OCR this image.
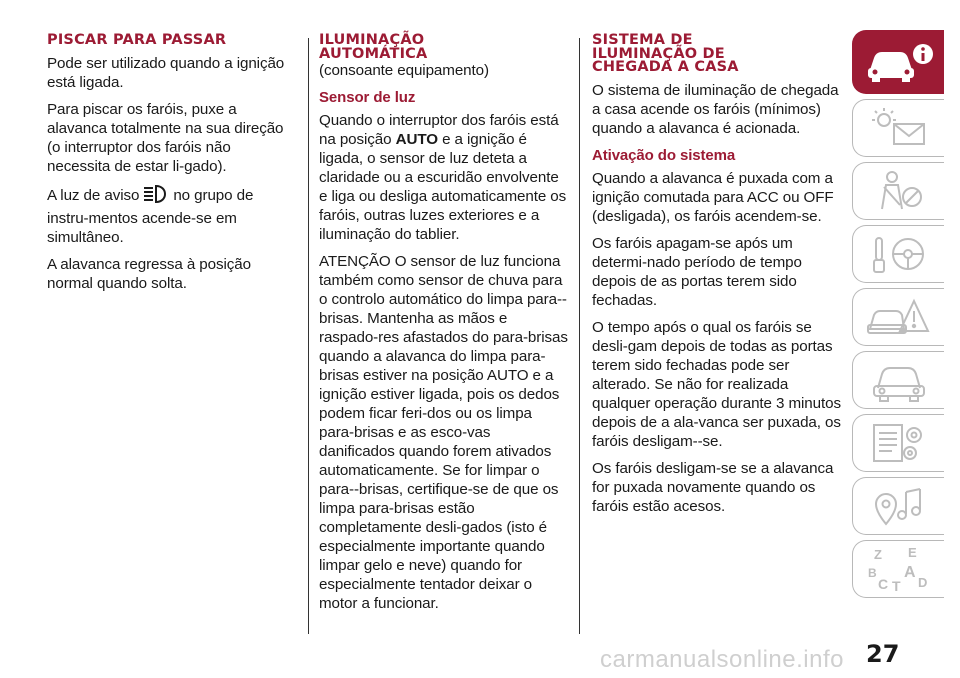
PISCAR PARA PASSAR

Pode ser utilizado quando a ignição está ligada.

Para piscar os faróis, puxe a alavanca totalmente na sua direção (o interruptor dos faróis não necessita de estar li-gado).

A luz de aviso no grupo de instru-mentos acende-se em simultâneo.

A alavanca regressa à posição normal quando solta.

ILUMINAÇÃO
AUTOMÁTICA
(consoante equipamento)
Sensor de luz

Quando o interruptor dos faróis está na posição AUTO e a ignição é ligada, o sensor de luz deteta a claridade ou a escuridão envolvente e liga ou desliga automaticamente os faróis, outras luzes exteriores e a iluminação do tablier.

ATENÇÃO O sensor de luz funciona também como sensor de chuva para o controlo automático do limpa para--brisas. Mantenha as mãos e raspado-res afastados do para-brisas quando a alavanca do limpa para-brisas estiver na posição AUTO e a ignição estiver ligada, pois os dedos podem ficar feri-dos ou os limpa para-brisas e as esco-vas danificados quando forem ativados automaticamente. Se for limpar o para--brisas, certifique-se de que os limpa para-brisas estão completamente desli-gados (isto é especialmente importante quando limpar gelo e neve) quando for especialmente tentador deixar o motor a funcionar.

SISTEMA DE
ILUMINAÇÃO DE
CHEGADA A CASA

O sistema de iluminação de chegada a casa acende os faróis (mínimos) quando a alavanca é acionada.

Ativação do sistema

Quando a alavanca é puxada com a ignição comutada para ACC ou OFF (desligada), os faróis acendem-se.

Os faróis apagam-se após um determi-nado período de tempo depois de as portas terem sido fechadas.

O tempo após o qual os faróis se desli-gam depois de todas as portas terem sido fechadas pode ser alterado. Se não for realizada qualquer operação durante 3 minutos depois de a ala-vanca ser puxada, os faróis desligam--se.

Os faróis desligam-se se a alavanca for puxada novamente quando os faróis estão acesos.

Z E
B A
C T D
carmanualsonline.info 27
